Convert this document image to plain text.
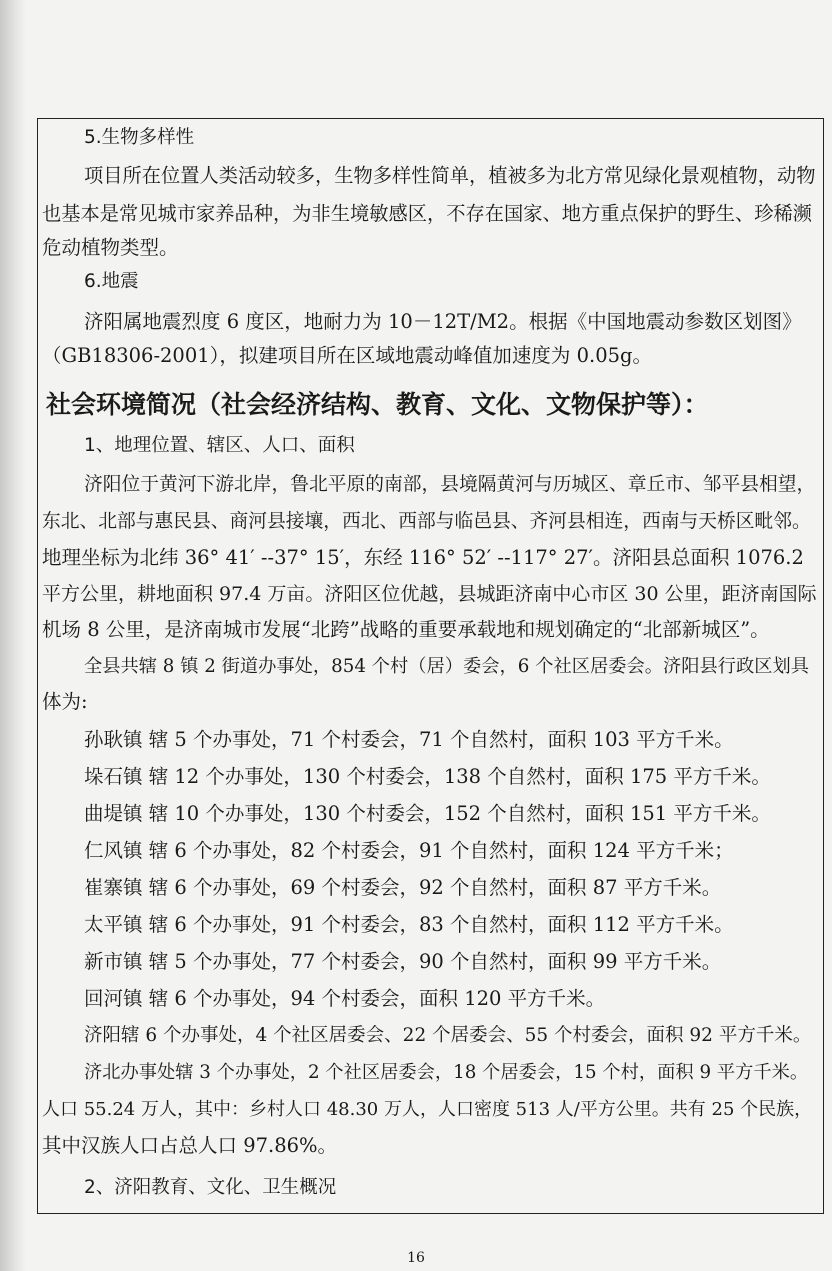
5.生物多样性
项目所在位置人类活动较多，生物多样性简单，植被多为北方常见绿化景观植物，动物
也基本是常见城市家养品种，为非生境敏感区，不存在国家、地方重点保护的野生、珍稀濒
危动植物类型。
6.地震
济阳属地震烈度 6 度区，地耐力为 10－12T/M2。根据《中国地震动参数区划图》
（GB18306-2001），拟建项目所在区域地震动峰值加速度为 0.05g。
社会环境简况（社会经济结构、教育、文化、文物保护等）：
1、地理位置、辖区、人口、面积
济阳位于黄河下游北岸，鲁北平原的南部，县境隔黄河与历城区、章丘市、邹平县相望，
东北、北部与惠民县、商河县接壤，西北、西部与临邑县、齐河县相连，西南与天桥区毗邻。
地理坐标为北纬 36° 41′ --37° 15′，东经 116° 52′ --117° 27′。济阳县总面积 1076.2
平方公里，耕地面积 97.4 万亩。济阳区位优越，县城距济南中心市区 30 公里，距济南国际
机场 8 公里，是济南城市发展“北跨”战略的重要承载地和规划确定的“北部新城区”。
全县共辖 8 镇 2 街道办事处，854 个村（居）委会，6 个社区居委会。济阳县行政区划具
体为:
孙耿镇 辖 5 个办事处，71 个村委会，71 个自然村，面积 103 平方千米。
垛石镇 辖 12 个办事处，130 个村委会，138 个自然村，面积 175 平方千米。
曲堤镇 辖 10 个办事处，130 个村委会，152 个自然村，面积 151 平方千米。
仁风镇 辖 6 个办事处，82 个村委会，91 个自然村，面积 124 平方千米；
崔寨镇 辖 6 个办事处，69 个村委会，92 个自然村，面积 87 平方千米。
太平镇 辖 6 个办事处，91 个村委会，83 个自然村，面积 112 平方千米。
新市镇 辖 5 个办事处，77 个村委会，90 个自然村，面积 99 平方千米。
回河镇 辖 6 个办事处，94 个村委会，面积 120 平方千米。
济阳辖 6 个办事处，4 个社区居委会、22 个居委会、55 个村委会，面积 92 平方千米。
济北办事处辖 3 个办事处，2 个社区居委会，18 个居委会，15 个村，面积 9 平方千米。
人口 55.24 万人，其中：乡村人口 48.30 万人，人口密度 513 人/平方公里。共有 25 个民族，
其中汉族人口占总人口 97.86%。
2、济阳教育、文化、卫生概况
16
